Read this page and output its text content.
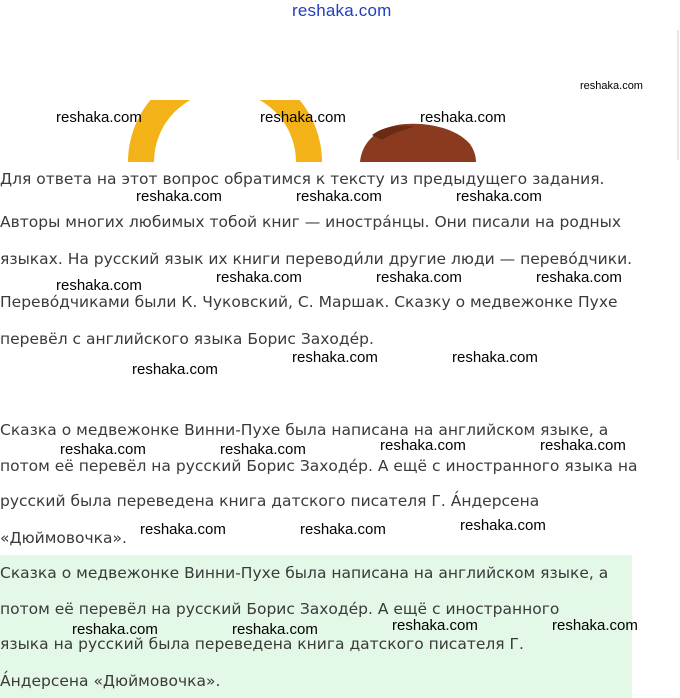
reshaka.com
Для ответа на этот вопрос обратимся к тексту из предыдущего задания.
Авторы многих любимых тобой книг — иностра́нцы. Они писали на родных
языках. На русский язык их книги переводи́ли другие люди — перево́дчики.
Перево́дчиками были К. Чуковский, С. Маршак. Сказку о медвежонке Пухе
перевёл с английского языка Борис Заходе́р.
Сказка о медвежонке Винни-Пухе была написана на английском языке, а
потом её перевёл на русский Борис Заходе́р. А ещё с иностранного языка на
русский была переведена книга датского писателя Г. А́ндерсена
«Дюймовочка».
Сказка о медвежонке Винни-Пухе была написана на английском языке, а
потом её перевёл на русский Борис Заходе́р. А ещё с иностранного
языка на русский была переведена книга датского писателя Г.
А́ндерсена «Дюймовочка».
reshaka.com
reshaka.com	reshaka.com	reshaka.com
reshaka.com	reshaka.com	reshaka.com
reshaka.com	reshaka.com	reshaka.com
reshaka.com
reshaka.com	reshaka.com
reshaka.com
reshaka.com	reshaka.com
reshaka.com	reshaka.com
reshaka.com
reshaka.com	reshaka.com
reshaka.com	reshaka.com
reshaka.com	reshaka.com
